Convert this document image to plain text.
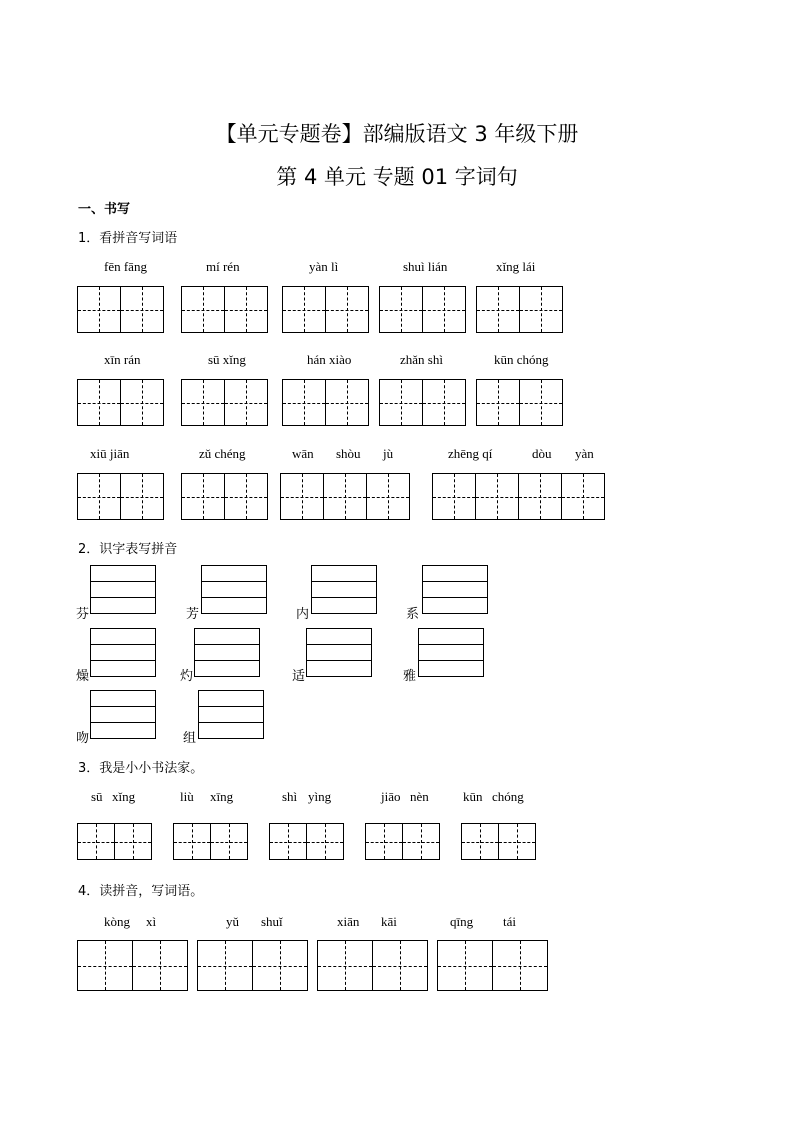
【单元专题卷】部编版语文 3 年级下册
第 4 单元 专题 01 字词句
一、书写
1．看拼音写词语
fēn fāng	mí rén	yàn lì	shuì lián	xǐng lái
xīn rán	sū xǐng	hán xiào	zhǎn shì	kūn chóng
xiū jiān	zǔ chéng	wān shòu jù	zhēng qí	dòu yàn
2．识字表写拼音
芬	芳	内	系
燥	灼	适	雅
吻	组
3．我是小小书法家。
sū xǐng	liù xīng	shì yìng	jiāo nèn	kūn chóng
4．读拼音，写词语。
kòng xì	yǔ shuǐ	xiān kāi	qīng tái
